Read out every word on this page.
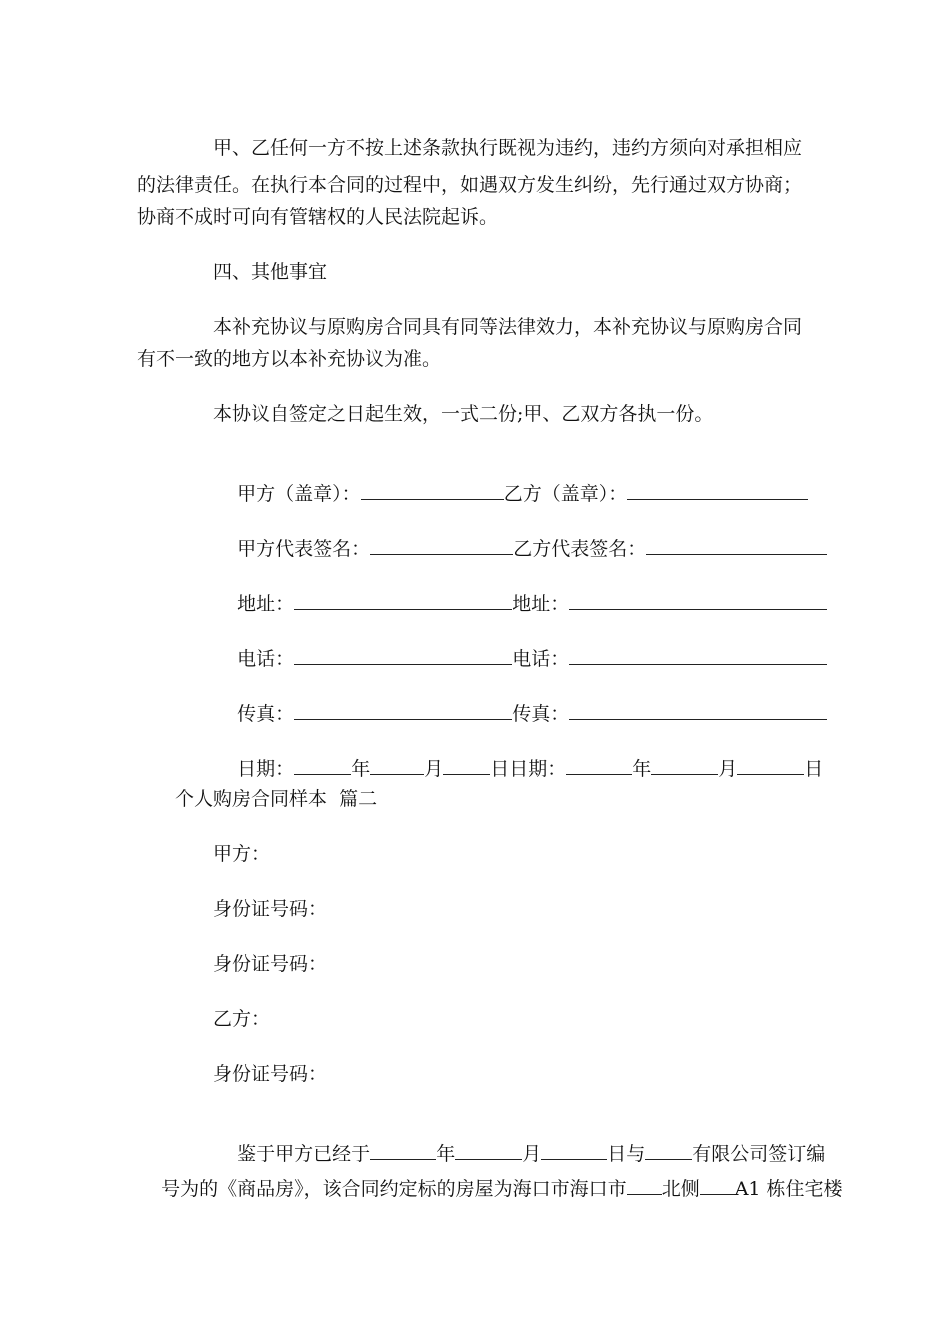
甲、乙任何一方不按上述条款执行既视为违约，违约方须向对承担相应
的法律责任。在执行本合同的过程中，如遇双方发生纠纷，先行通过双方协商；
协商不成时可向有管辖权的人民法院起诉。
四、其他事宜
本补充协议与原购房合同具有同等法律效力，本补充协议与原购房合同
有不一致的地方以本补充协议为准。
本协议自签定之日起生效，一式二份;甲、乙双方各执一份。

甲方（盖章）：	乙方（盖章）：

甲方代表签名：	乙方代表签名：

地址：	地址：

电话：	电话：

传真：	传真：

日期：	年	月 日日期：	年	月	日

个人购房合同样本  篇二
甲方：
身份证号码：
身份证号码：
乙方：
身份证号码：

鉴于甲方已经于	年	月	日与 有限公司签订编

号为的《商品房》，该合同约定标的房屋为海口市海口市 北侧 A1 栋住宅楼
